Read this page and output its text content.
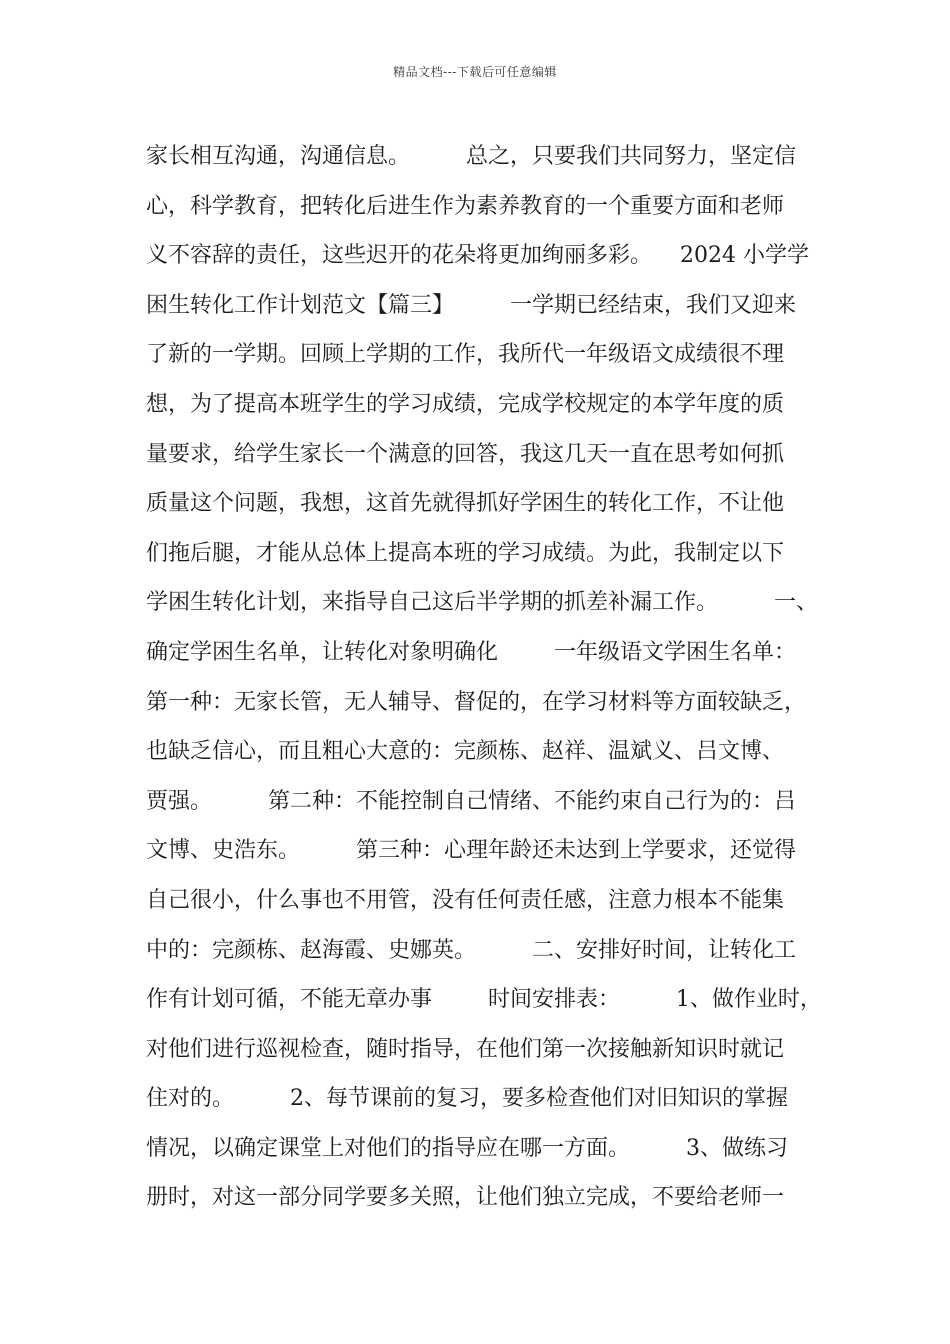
精品文档---下载后可任意编辑
家长相互沟通，沟通信息。        总之，只要我们共同努力，坚定信
心，科学教育，把转化后进生作为素养教育的一个重要方面和老师
义不容辞的责任，这些迟开的花朵将更加绚丽多彩。    2024 小学学
困生转化工作计划范文【篇三】        一学期已经结束，我们又迎来
了新的一学期。回顾上学期的工作，我所代一年级语文成绩很不理
想，为了提高本班学生的学习成绩，完成学校规定的本学年度的质
量要求，给学生家长一个满意的回答，我这几天一直在思考如何抓
质量这个问题，我想，这首先就得抓好学困生的转化工作，不让他
们拖后腿，才能从总体上提高本班的学习成绩。为此，我制定以下
学困生转化计划，来指导自己这后半学期的抓差补漏工作。        一、
确定学困生名单，让转化对象明确化        一年级语文学困生名单：
第一种：无家长管，无人辅导、督促的，在学习材料等方面较缺乏，
也缺乏信心，而且粗心大意的：完颜栋、赵祥、温斌义、吕文博、
贾强。        第二种：不能控制自己情绪、不能约束自己行为的：吕
文博、史浩东。        第三种：心理年龄还未达到上学要求，还觉得
自己很小，什么事也不用管，没有任何责任感，注意力根本不能集
中的：完颜栋、赵海霞、史娜英。        二、安排好时间，让转化工
作有计划可循，不能无章办事        时间安排表：        1、做作业时，
对他们进行巡视检查，随时指导，在他们第一次接触新知识时就记
住对的。        2、每节课前的复习，要多检查他们对旧知识的掌握
情况，以确定课堂上对他们的指导应在哪一方面。        3、做练习
册时，对这一部分同学要多关照，让他们独立完成，不要给老师一
